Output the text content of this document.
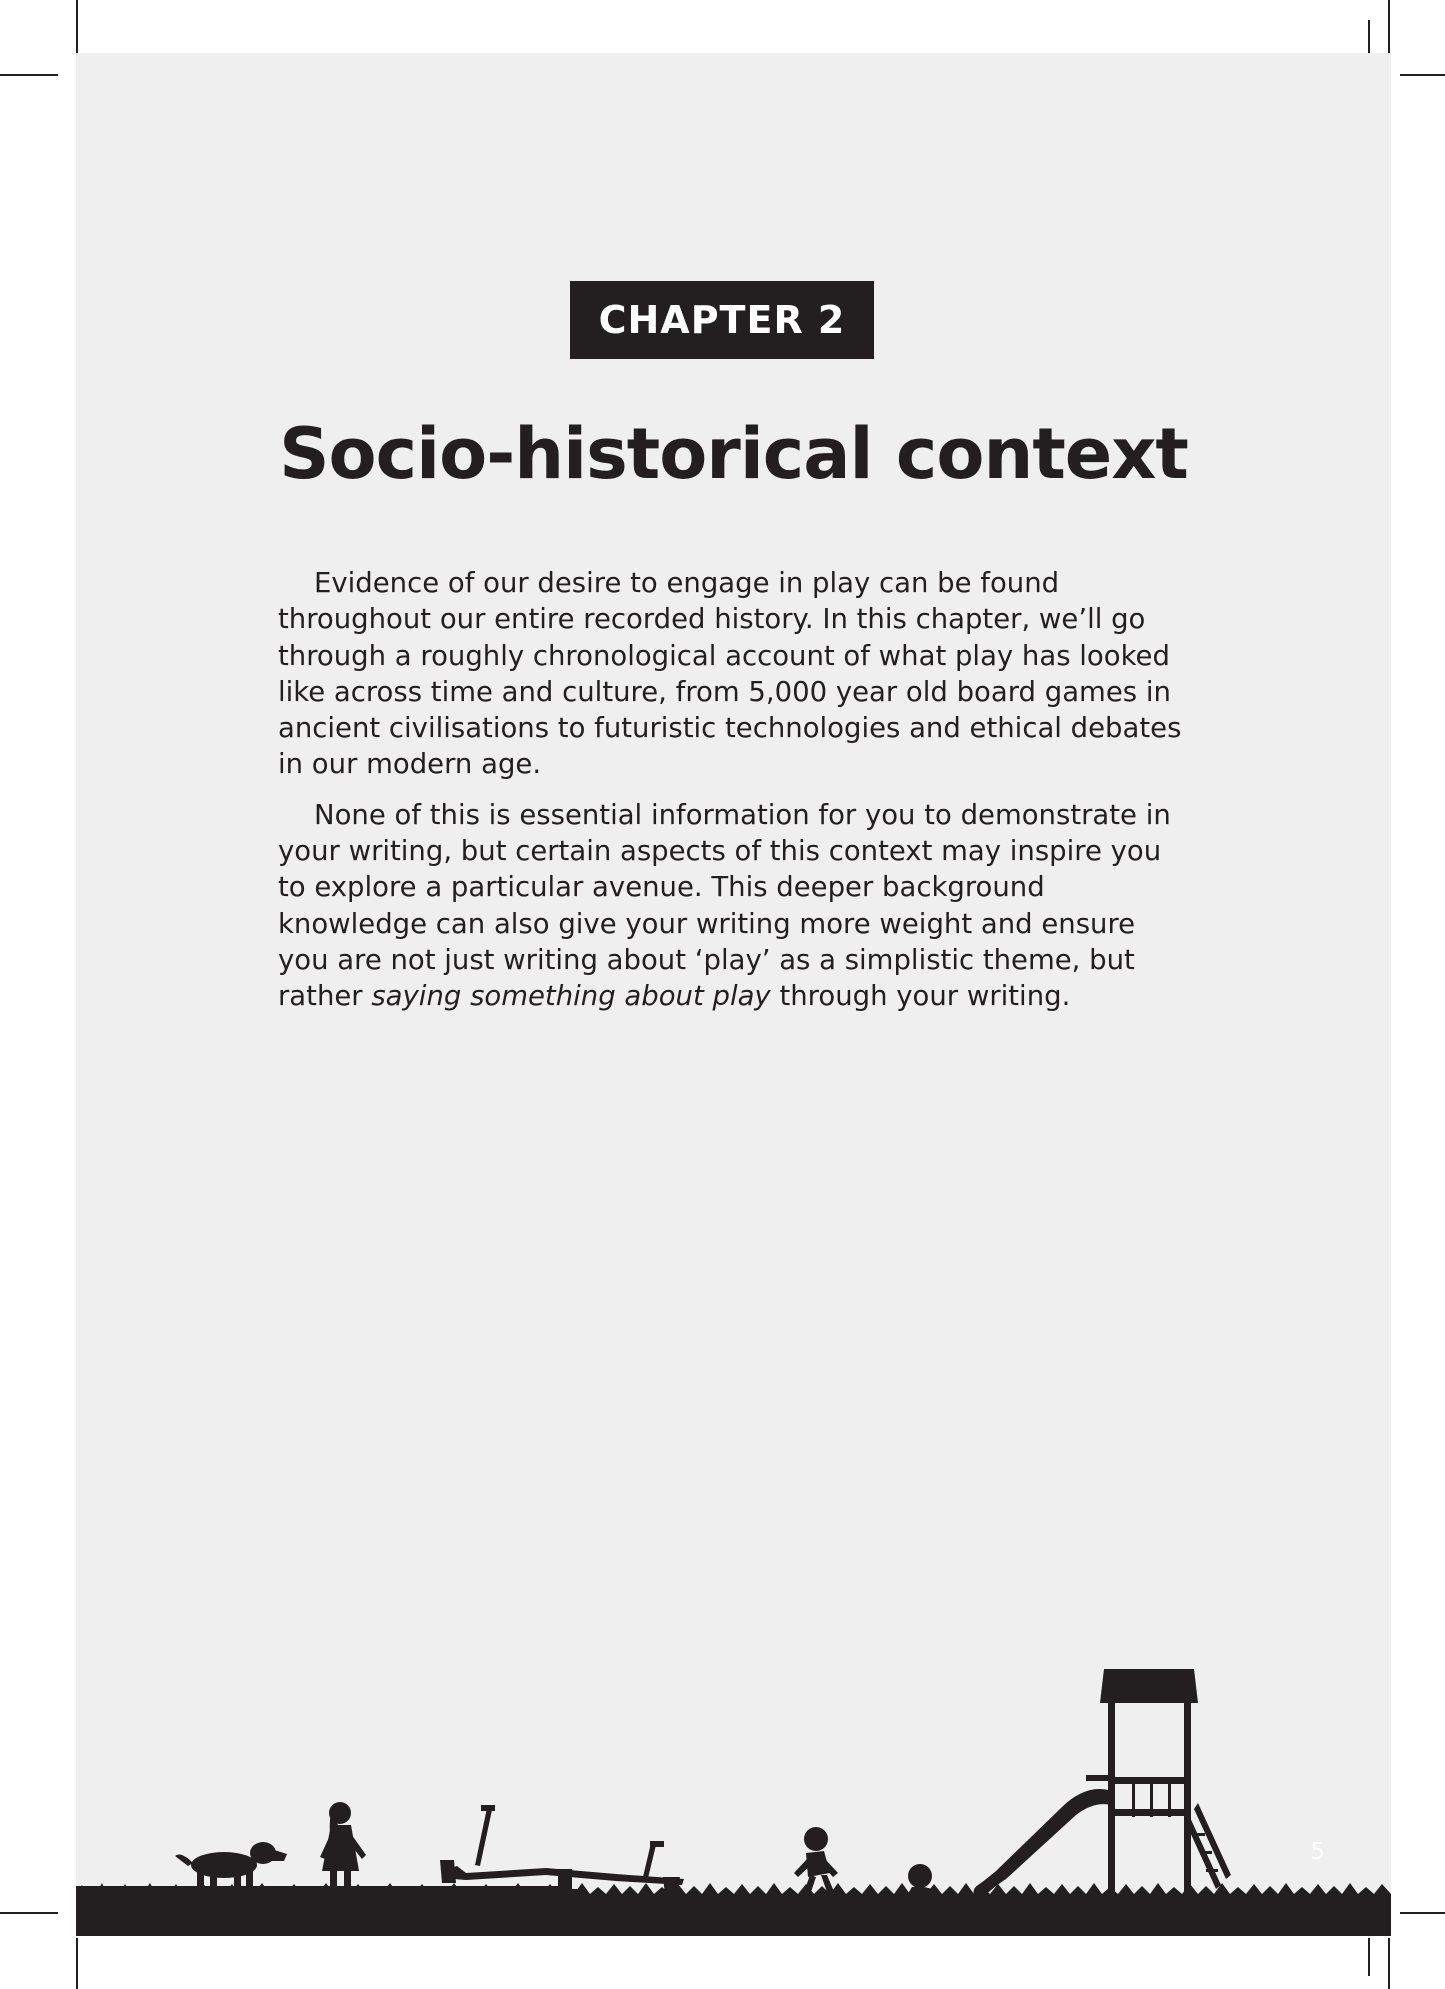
CHAPTER 2
Socio-historical context

Evidence of our desire to engage in play can be found throughout our entire recorded history. In this chapter, we’ll go through a roughly chronological account of what play has looked like across time and culture, from 5,000 year old board games in ancient civilisations to futuristic technologies and ethical debates in our modern age.

None of this is essential information for you to demonstrate in your writing, but certain aspects of this context may inspire you to explore a particular avenue. This deeper background knowledge can also give your writing more weight and ensure you are not just writing about ‘play’ as a simplistic theme, but rather saying something about play through your writing.

5
